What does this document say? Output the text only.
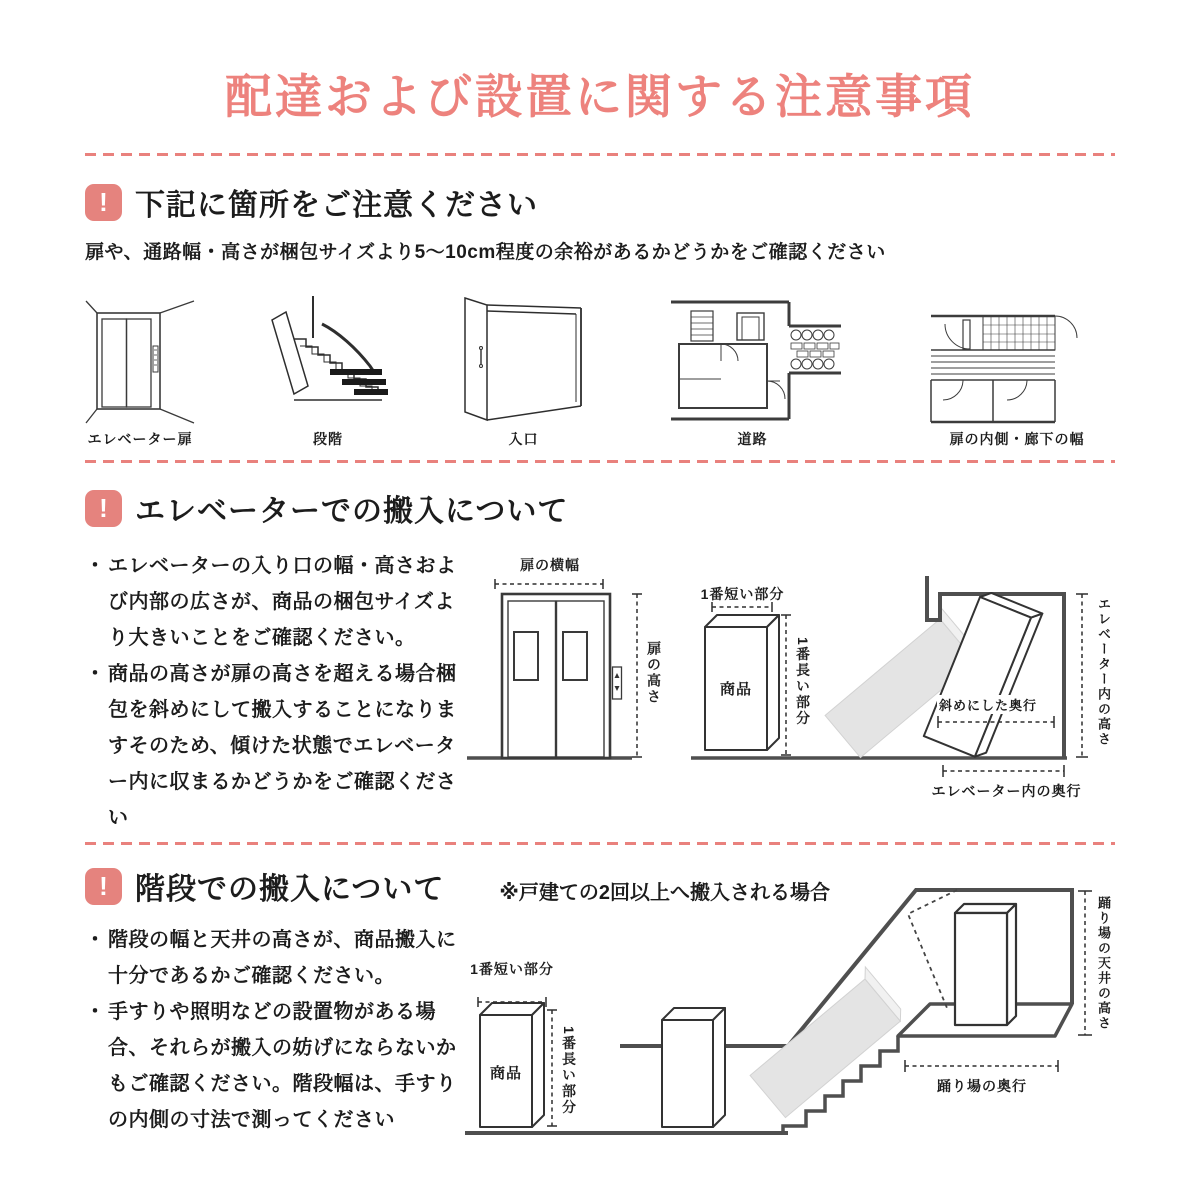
配達および設置に関する注意事項
! 下記に箇所をご注意ください
扉や、通路幅・高さが梱包サイズより5～10cm程度の余裕があるかどうかをご確認ください
エレベーター扉	段階	入口	道路	扉の内側・廊下の幅
! エレベーターでの搬入について
・ エレベーターの入り口の幅・高さおよび内部の広さが、商品の梱包サイズより大きいことをご確認ください。
・ 商品の高さが扉の高さを超える場合梱包を斜めにして搬入することになりますそのため、傾けた状態でエレベーター内に収まるかどうかをご確認ください
扉の横幅
扉の高さ
1番短い部分
商品	1番長い部分	斜めにした奥行	エレベーター内の高さ
エレベーター内の奥行
! 階段での搬入について	※戸建ての2回以上へ搬入される場合
・ 階段の幅と天井の高さが、商品搬入に十分であるかご確認ください。
・ 手すりや照明などの設置物がある場合、それらが搬入の妨げにならないかもご確認ください。階段幅は、手すりの内側の寸法で測ってください
1番短い部分
商品	1番長い部分
踊り場の天井の高さ
踊り場の奥行
